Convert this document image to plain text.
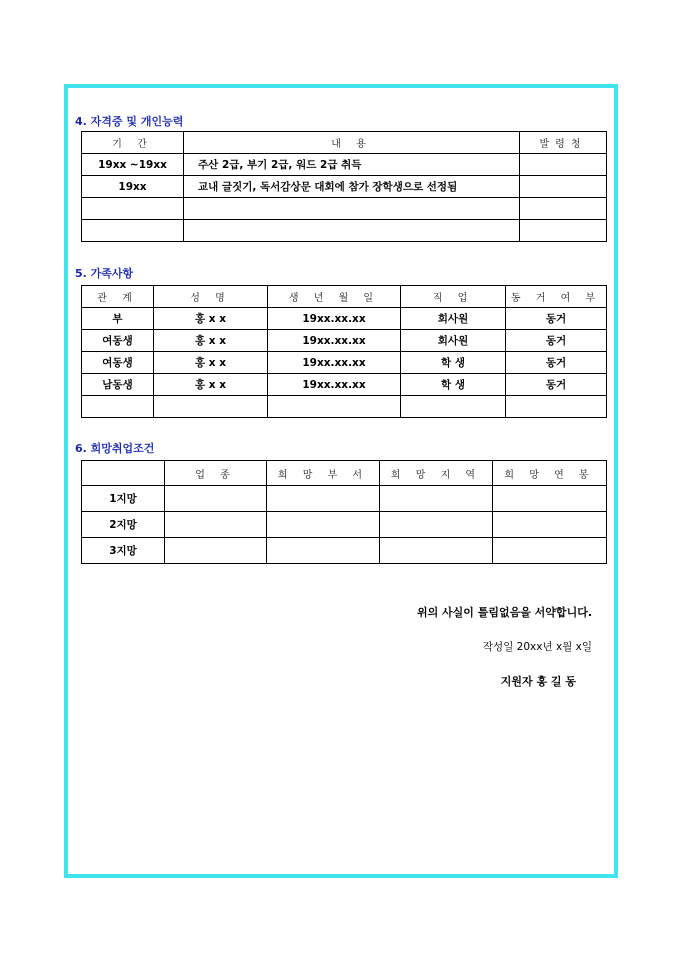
4. 자격증 및 개인능력
기 간	내 용	발령청
19xx ~19xx	주산 2급, 부기 2급, 워드 2급 취득	
19xx	교내 글짓기, 독서감상문 대회에 참가 장학생으로 선정됨	

5. 가족사항
관 계	성 명	생 년 월 일	직 업	동 거 여 부
부	홍 x x	19xx.xx.xx	회사원	동거
여동생	홍 x x	19xx.xx.xx	회사원	동거
여동생	홍 x x	19xx.xx.xx	학 생	동거
남동생	홍 x x	19xx.xx.xx	학 생	동거

6. 희망취업조건
	업 종	희 망 부 서	희 망 지 역	희 망 연 봉
1지망				
2지망				
3지망				
위의 사실이 틀림없음을 서약합니다.
작성일 20xx년 x월 x일
지원자 홍 길 동
